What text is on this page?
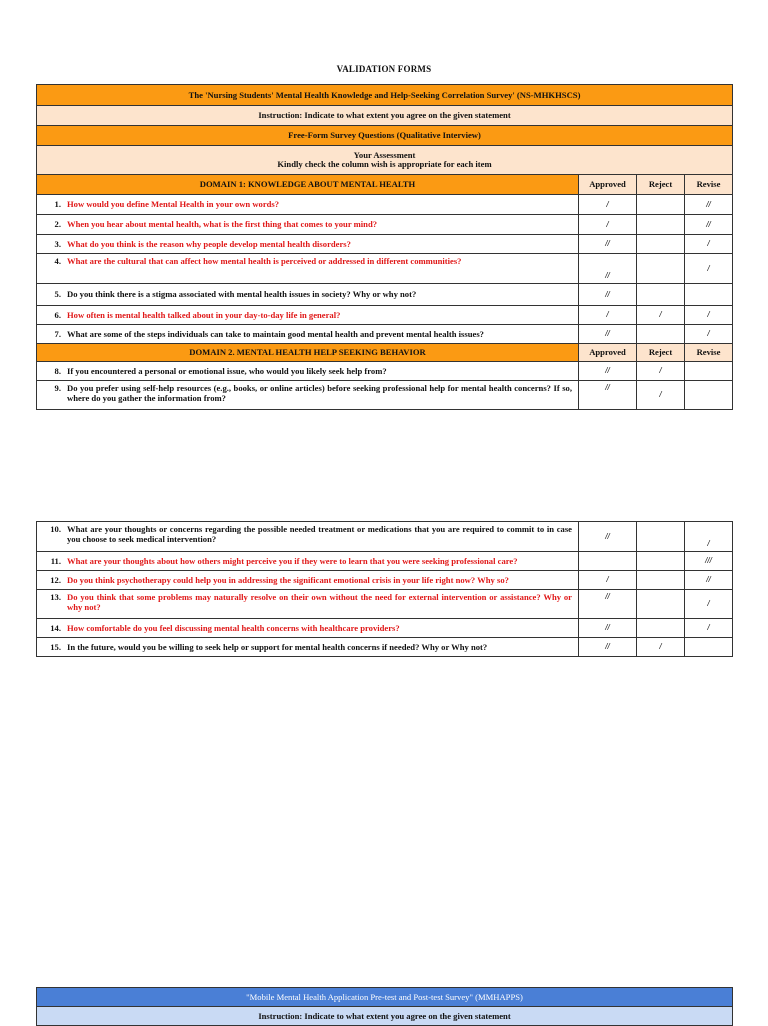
VALIDATION FORMS
The 'Nursing Students' Mental Health Knowledge and Help-Seeking Correlation Survey' (NS-MHKHSCS)			
Instruction: Indicate to what extent you agree on the given statement			
Free-Form Survey Questions (Qualitative Interview)			

Your Assessment
Kindly check the column wish is appropriate for each item			

DOMAIN 1: KNOWLEDGE ABOUT MENTAL HEALTH	Approved	Reject	Revise
1. How would you define Mental Health in your own words?	/		//
2. When you hear about mental health, what is the first thing that comes to your mind?	/		//
3. What do you think is the reason why people develop mental health disorders?	//		/
4. What are the cultural that can affect how mental health is perceived or addressed in different communities?	//		/
5. Do you think there is a stigma associated with mental health issues in society? Why or why not?	//		
6. How often is mental health talked about in your day-to-day life in general?	/	/	/
7. What are some of the steps individuals can take to maintain good mental health and prevent mental health issues?	//		/
DOMAIN 2. MENTAL HEALTH HELP SEEKING BEHAVIOR	Approved	Reject	Revise
8. If you encountered a personal or emotional issue, who would you likely seek help from?	//	/	
9. Do you prefer using self-help resources (e.g., books, or online articles) before seeking professional help for mental health concerns? If so, where do you gather the information from?	//	/	
10. What are your thoughts or concerns regarding the possible needed treatment or medications that you are required to commit to in case you choose to seek medical intervention?	//		/
11. What are your thoughts about how others might perceive you if they were to learn that you were seeking professional care?			///
12. Do you think psychotherapy could help you in addressing the significant emotional crisis in your life right now? Why so?	/		//
13. Do you think that some problems may naturally resolve on their own without the need for external intervention or assistance? Why or why not?	//		/
14. How comfortable do you feel discussing mental health concerns with healthcare providers?	//		/
15. In the future, would you be willing to seek help or support for mental health concerns if needed? Why or Why not?	//	/	
"Mobile Mental Health Application Pre-test and Post-test Survey" (MMHAPPS)
Instruction: Indicate to what extent you agree on the given statement
